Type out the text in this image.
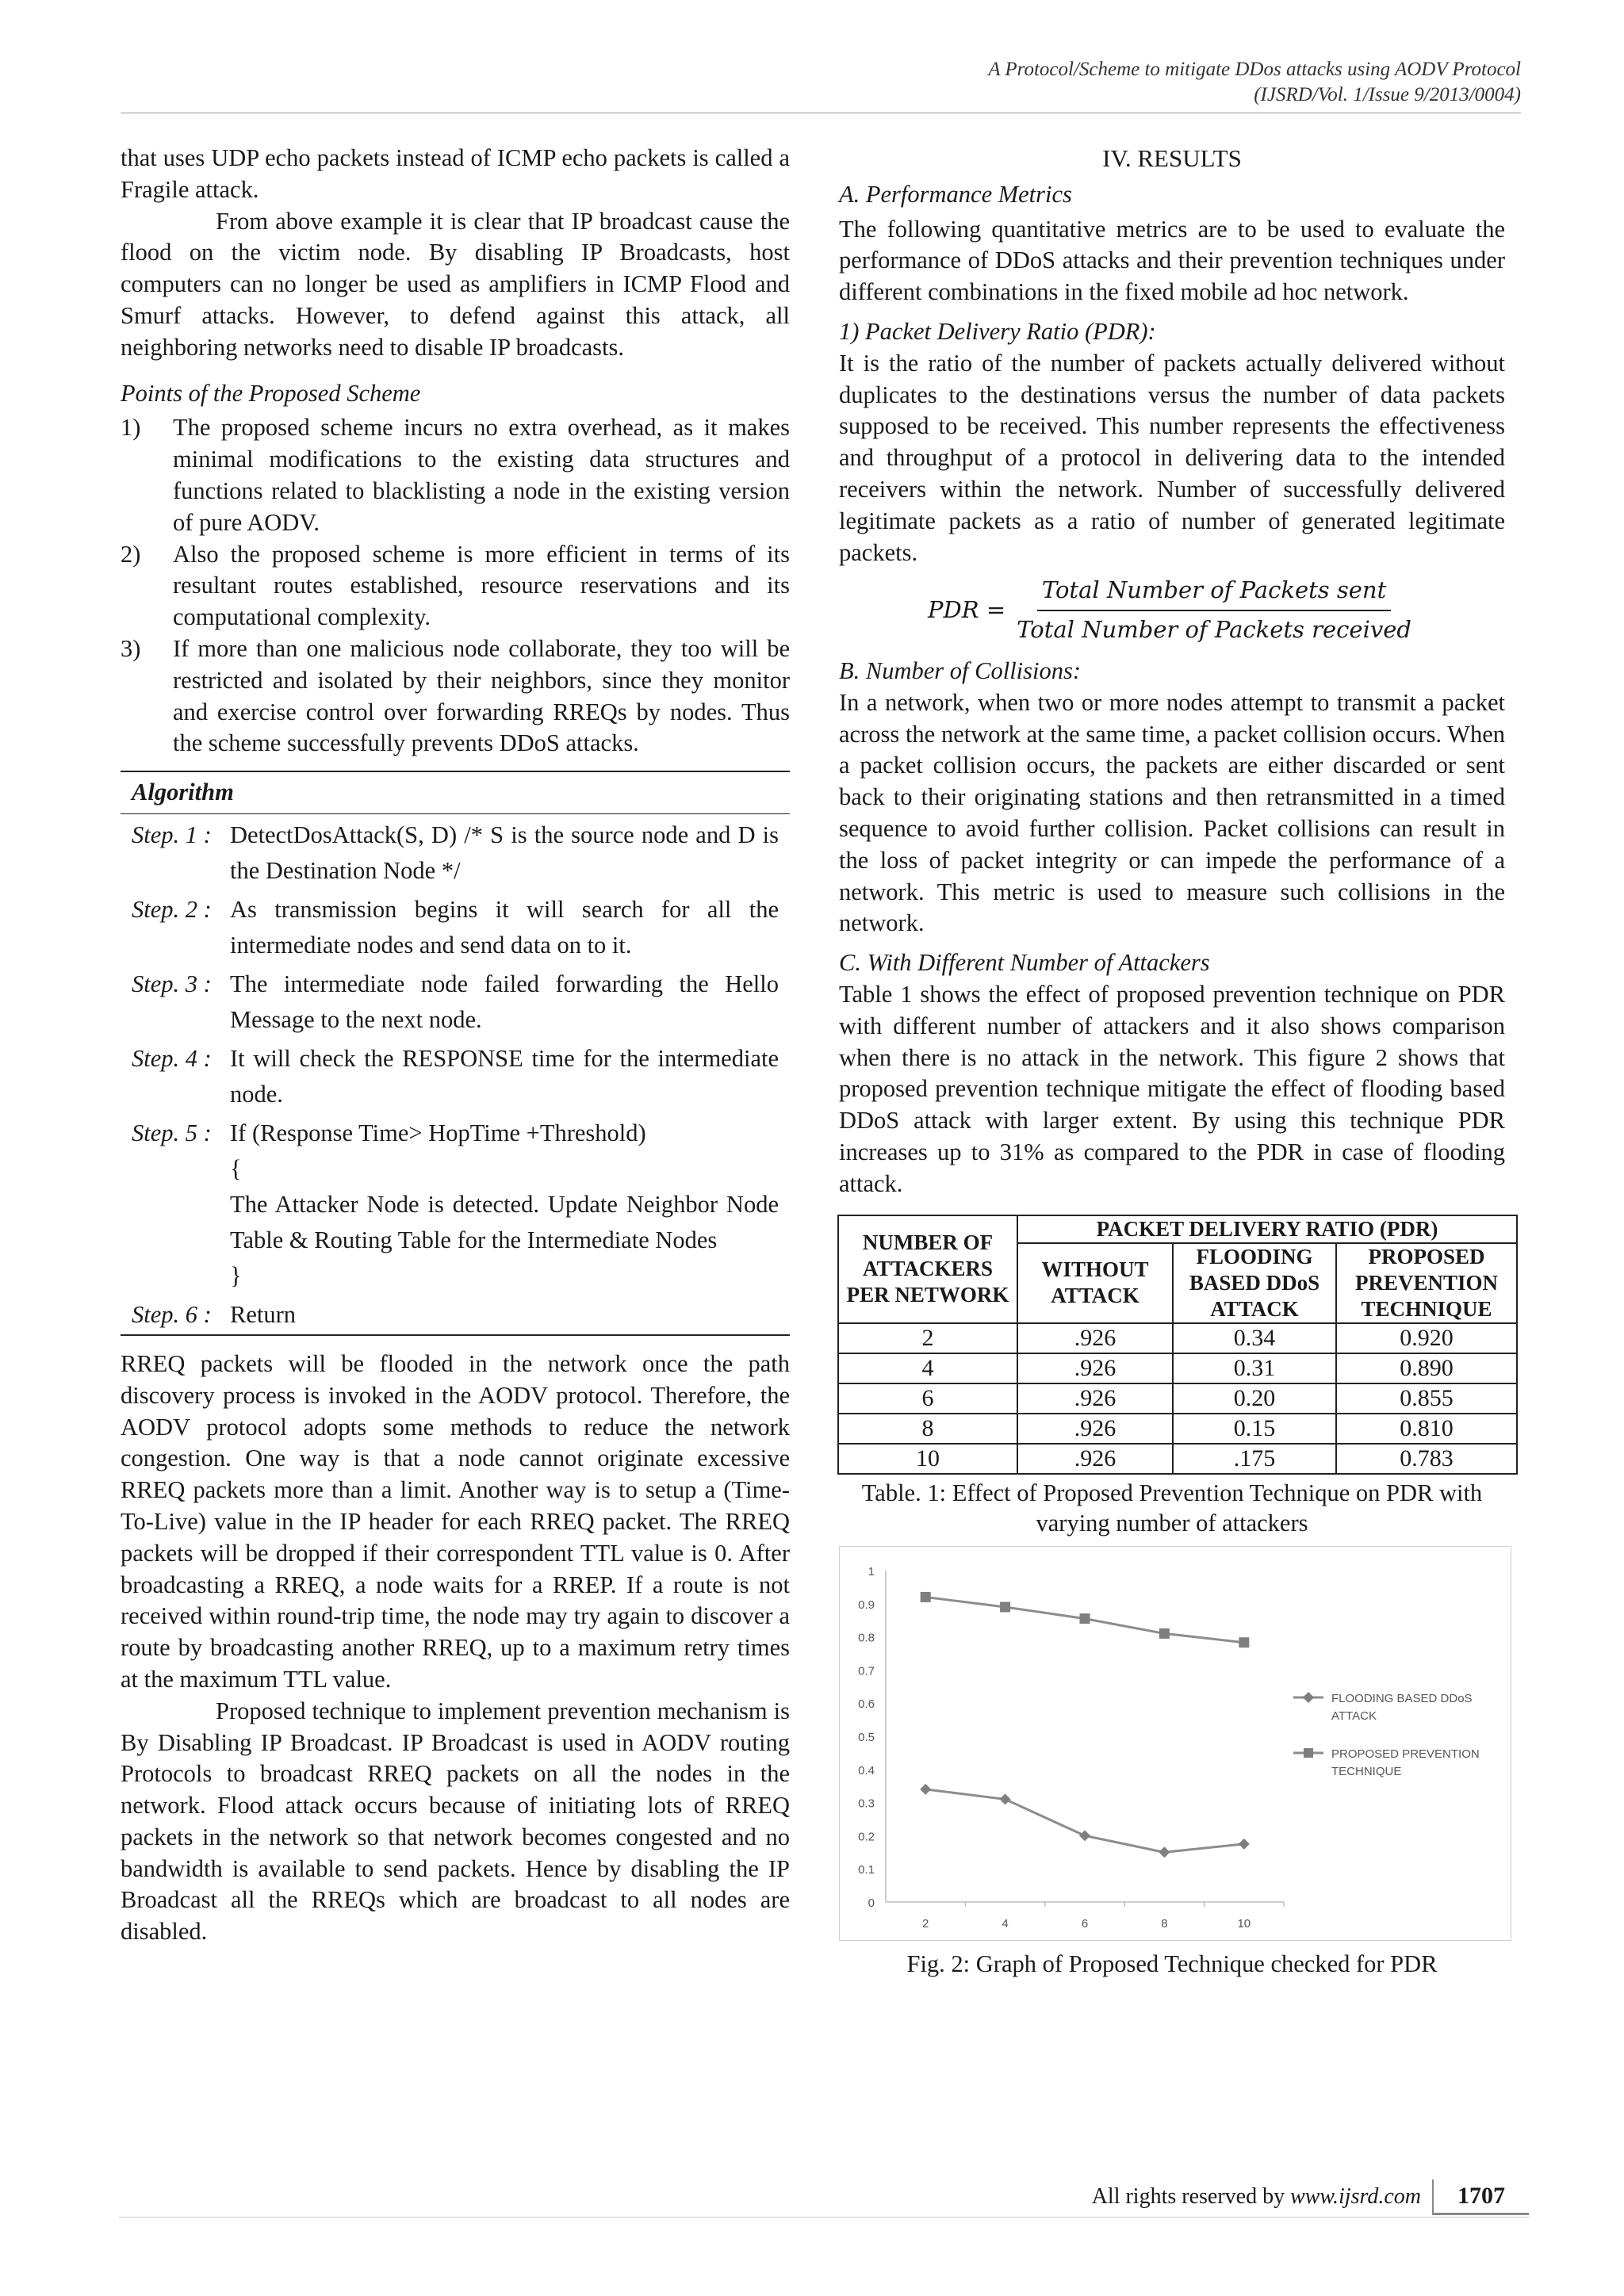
A Protocol/Scheme to mitigate DDos attacks using AODV Protocol
(IJSRD/Vol. 1/Issue 9/2013/0004)

that uses UDP echo packets instead of ICMP echo packets is called a Fragile attack.

From above example it is clear that IP broadcast cause the flood on the victim node. By disabling IP Broadcasts, host computers can no longer be used as amplifiers in ICMP Flood and Smurf attacks. However, to defend against this attack, all neighboring networks need to disable IP broadcasts.

Points of the Proposed Scheme
1)	The proposed scheme incurs no extra overhead, as it makes minimal modifications to the existing data structures and functions related to blacklisting a node in the existing version of pure AODV.
2)	Also the proposed scheme is more efficient in terms of its resultant routes established, resource reservations and its computational complexity.
3)	If more than one malicious node collaborate, they too will be restricted and isolated by their neighbors, since they monitor and exercise control over forwarding RREQs by nodes. Thus the scheme successfully prevents DDoS attacks.
Algorithm
Step. 1 : DetectDosAttack(S, D) /* S is the source node and D is the Destination Node */
Step. 2 : As transmission begins it will search for all the intermediate nodes and send data on to it.
Step. 3 : The intermediate node failed forwarding the Hello Message to the next node.
Step. 4 : It will check the RESPONSE time for the intermediate node.
Step. 5 : If (Response Time> HopTime +Threshold)
{
The Attacker Node is detected. Update Neighbor Node Table & Routing Table for the Intermediate Nodes
}
Step. 6 : Return

RREQ packets will be flooded in the network once the path discovery process is invoked in the AODV protocol. Therefore, the AODV protocol adopts some methods to reduce the network congestion. One way is that a node cannot originate excessive RREQ packets more than a limit. Another way is to setup a (Time-To-Live) value in the IP header for each RREQ packet. The RREQ packets will be dropped if their correspondent TTL value is 0. After broadcasting a RREQ, a node waits for a RREP. If a route is not received within round-trip time, the node may try again to discover a route by broadcasting another RREQ, up to a maximum retry times at the maximum TTL value.

Proposed technique to implement prevention mechanism is By Disabling IP Broadcast. IP Broadcast is used in AODV routing Protocols to broadcast RREQ packets on all the nodes in the network. Flood attack occurs because of initiating lots of RREQ packets in the network so that network becomes congested and no bandwidth is available to send packets. Hence by disabling the IP Broadcast all the RREQs which are broadcast to all nodes are disabled.

IV. RESULTS
A. Performance Metrics

The following quantitative metrics are to be used to evaluate the performance of DDoS attacks and their prevention techniques under different combinations in the fixed mobile ad hoc network.

1) Packet Delivery Ratio (PDR):

It is the ratio of the number of packets actually delivered without duplicates to the destinations versus the number of data packets supposed to be received. This number represents the effectiveness and throughput of a protocol in delivering data to the intended receivers within the network. Number of successfully delivered legitimate packets as a ratio of number of generated legitimate packets.

PDR = $\frac{\text{Total Number of Packets sent}}{\text{Total Number of Packets received}}$
B. Number of Collisions:

In a network, when two or more nodes attempt to transmit a packet across the network at the same time, a packet collision occurs. When a packet collision occurs, the packets are either discarded or sent back to their originating stations and then retransmitted in a timed sequence to avoid further collision. Packet collisions can result in the loss of packet integrity or can impede the performance of a network. This metric is used to measure such collisions in the network.

C. With Different Number of Attackers

Table 1 shows the effect of proposed prevention technique on PDR with different number of attackers and it also shows comparison when there is no attack in the network. This figure 2 shows that proposed prevention technique mitigate the effect of flooding based DDoS attack with larger extent. By using this technique PDR increases up to 31% as compared to the PDR in case of flooding attack.

NUMBER OF ATTACKERS PER NETWORK	PACKET DELIVERY RATIO (PDR)		
	WITHOUT ATTACK	FLOODING BASED DDoS ATTACK	PROPOSED PREVENTION TECHNIQUE
2	.926	0.34	0.920
4	.926	0.31	0.890
6	.926	0.20	0.855
8	.926	0.15	0.810
10	.926	.175	0.783
Table. 1: Effect of Proposed Prevention Technique on PDR with varying number of attackers
0
0.1
0.2
0.3
0.4
0.5
0.6
0.7
0.8
0.9
1
2	4	6	8	10
FLOODING BASED DDoS ATTACK
PROPOSED PREVENTION TECHNIQUE
Fig. 2: Graph of Proposed Technique checked for PDR
All rights reserved by www.ijsrd.com	1707
